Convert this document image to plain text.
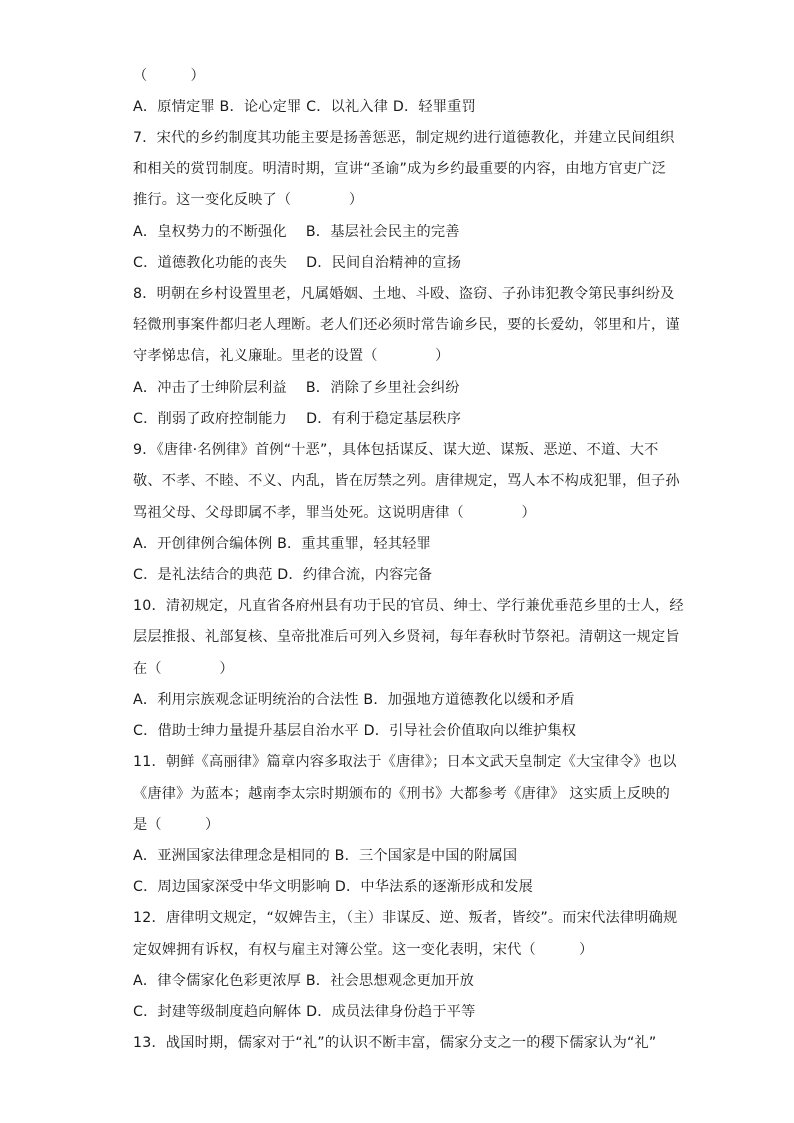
（　　　）
A．原情定罪 B．论心定罪 C．以礼入律 D．轻罪重罚
7．宋代的乡约制度其功能主要是扬善惩恶，制定规约进行道德教化，并建立民间组织
和相关的赏罚制度。明清时期，宣讲“圣谕”成为乡约最重要的内容，由地方官吏广泛
推行。这一变化反映了（　　　　）
A．皇权势力的不断强化　 B．基层社会民主的完善
C．道德教化功能的丧失　 D．民间自治精神的宣扬
8．明朝在乡村设置里老，凡属婚姻、土地、斗殴、盗窃、子孙讳犯教令第民事纠纷及
轻微刑事案件都归老人理断。老人们还必须时常告谕乡民，要的长爱幼，邻里和片，谨
守孝悌忠信，礼义廉耻。里老的设置（　　　　）
A．冲击了士绅阶层利益　 B．消除了乡里社会纠纷
C．削弱了政府控制能力　 D．有利于稳定基层秩序
9．《唐律·名例律》首例“十恶”，具体包括谋反、谋大逆、谋叛、恶逆、不道、大不
敬、不孝、不睦、不义、内乱，皆在厉禁之列。唐律规定，骂人本不构成犯罪，但子孙
骂祖父母、父母即属不孝，罪当处死。这说明唐律（　　　　）
A．开创律例合编体例 B．重其重罪，轻其轻罪
C．是礼法结合的典范 D．约律合流，内容完备
10．清初规定，凡直省各府州县有功于民的官员、绅士、学行兼优垂范乡里的士人，经
层层推报、礼部复核、皇帝批准后可列入乡贤祠，每年春秋时节祭祀。清朝这一规定旨
在（　　　　）
A．利用宗族观念证明统治的合法性 B．加强地方道德教化以缓和矛盾
C．借助士绅力量提升基层自治水平 D．引导社会价值取向以维护集权
11．朝鲜《高丽律》篇章内容多取法于《唐律》；日本文武天皇制定《大宝律令》也以
《唐律》为蓝本；越南李太宗时期颁布的《刑书》大都参考《唐律》 这实质上反映的
是（　　　）
A．亚洲国家法律理念是相同的 B．三个国家是中国的附属国
C．周边国家深受中华文明影响 D．中华法系的逐渐形成和发展
12．唐律明文规定，“奴婢告主，（主）非谋反、逆、叛者，皆绞”。而宋代法律明确规
定奴婢拥有诉权，有权与雇主对簿公堂。这一变化表明，宋代（　　　）
A．律令儒家化色彩更浓厚 B．社会思想观念更加开放
C．封建等级制度趋向解体 D．成员法律身份趋于平等
13．战国时期，儒家对于“礼”的认识不断丰富，儒家分支之一的稷下儒家认为“礼”
